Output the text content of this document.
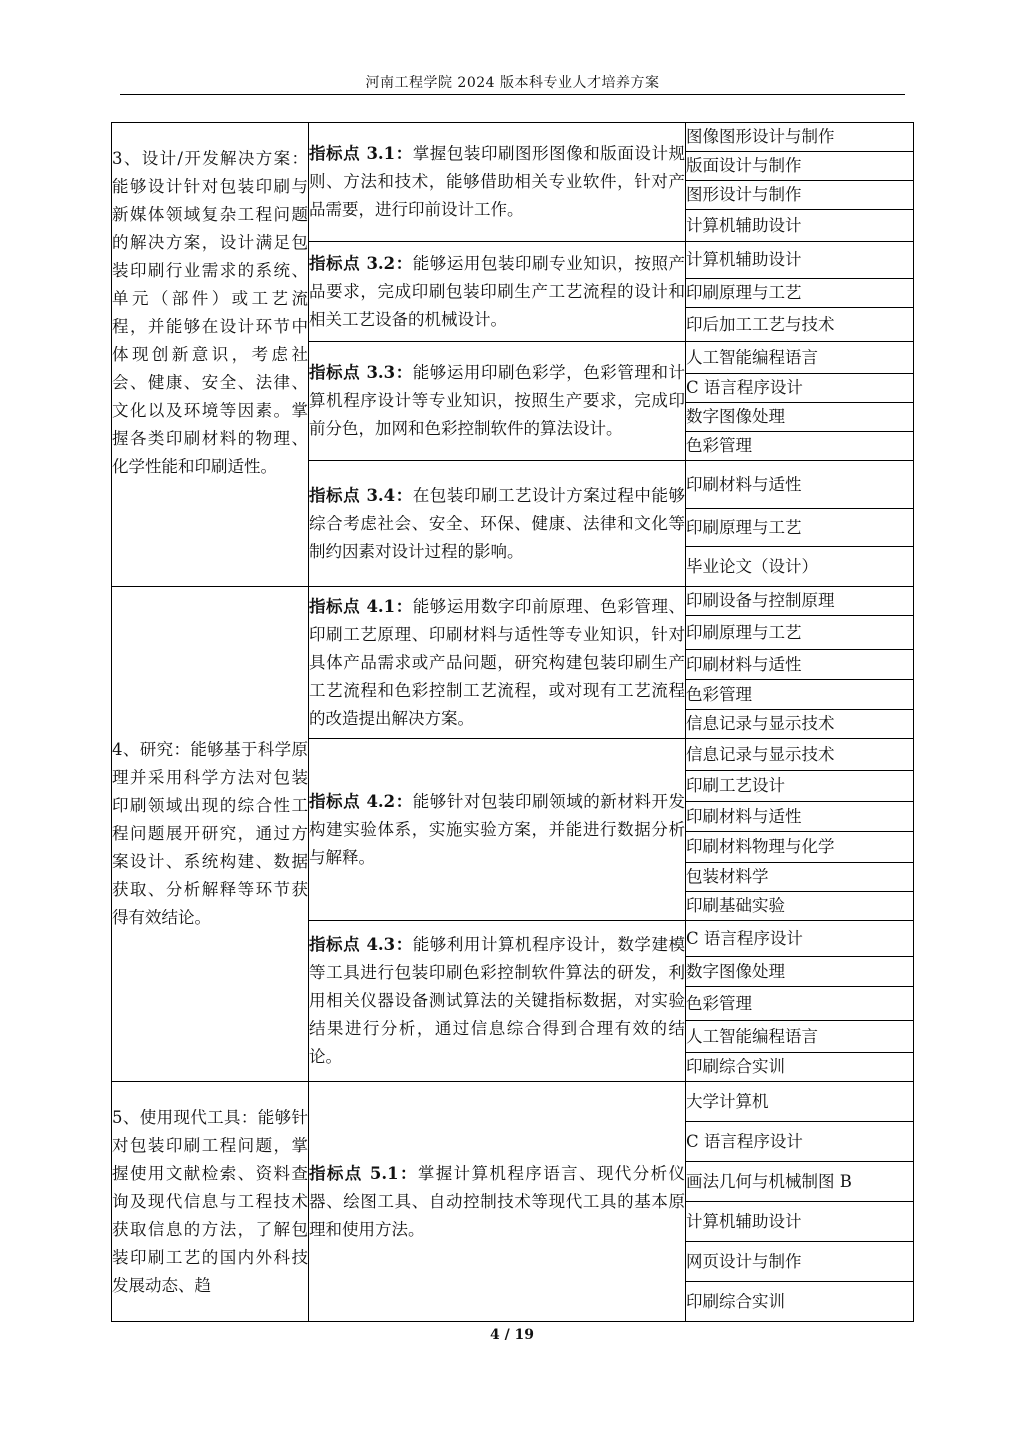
河南工程学院 2024 版本科专业人才培养方案
3、设计/开发解决方案：能够设计针对包装印刷与新媒体领域复杂工程问题的解决方案，设计满足包装印刷行业需求的系统、单元（部件）或工艺流程，并能够在设计环节中体现创新意识，考虑社会、健康、安全、法律、文化以及环境等因素。掌握各类印刷材料的物理、化学性能和印刷适性。	指标点 3.1：掌握包装印刷图形图像和版面设计规则、方法和技术，能够借助相关专业软件，针对产品需要，进行印前设计工作。	图像图形设计与制作
		版面设计与制作
		图形设计与制作
		计算机辅助设计
	指标点 3.2：能够运用包装印刷专业知识，按照产品要求，完成印刷包装印刷生产工艺流程的设计和相关工艺设备的机械设计。	计算机辅助设计
		印刷原理与工艺
		印后加工工艺与技术
	指标点 3.3：能够运用印刷色彩学，色彩管理和计算机程序设计等专业知识，按照生产要求，完成印前分色，加网和色彩控制软件的算法设计。	人工智能编程语言
		C 语言程序设计
		数字图像处理
		色彩管理
	指标点 3.4：在包装印刷工艺设计方案过程中能够综合考虑社会、安全、环保、健康、法律和文化等制约因素对设计过程的影响。	印刷材料与适性
		印刷原理与工艺
		毕业论文（设计）
4、研究：能够基于科学原理并采用科学方法对包装印刷领域出现的综合性工程问题展开研究，通过方案设计、系统构建、数据获取、分析解释等环节获得有效结论。	指标点 4.1：能够运用数字印前原理、色彩管理、印刷工艺原理、印刷材料与适性等专业知识，针对具体产品需求或产品问题，研究构建包装印刷生产工艺流程和色彩控制工艺流程，或对现有工艺流程的改造提出解决方案。	印刷设备与控制原理
		印刷原理与工艺
		印刷材料与适性
		色彩管理
		信息记录与显示技术
	指标点 4.2：能够针对包装印刷领域的新材料开发构建实验体系，实施实验方案，并能进行数据分析与解释。	信息记录与显示技术
		印刷工艺设计
		印刷材料与适性
		印刷材料物理与化学
		包装材料学
		印刷基础实验
	指标点 4.3：能够利用计算机程序设计，数学建模等工具进行包装印刷色彩控制软件算法的研发，利用相关仪器设备测试算法的关键指标数据，对实验结果进行分析，通过信息综合得到合理有效的结论。	C 语言程序设计
		数字图像处理
		色彩管理
		人工智能编程语言
		印刷综合实训
5、使用现代工具：能够针对包装印刷工程问题，掌握使用文献检索、资料查询及现代信息与工程技术获取信息的方法，了解包装印刷工艺的国内外科技发展动态、趋	指标点 5.1：掌握计算机程序语言、现代分析仪器、绘图工具、自动控制技术等现代工具的基本原理和使用方法。	大学计算机
		C 语言程序设计
		画法几何与机械制图 B
		计算机辅助设计
		网页设计与制作
		印刷综合实训
4 / 19
